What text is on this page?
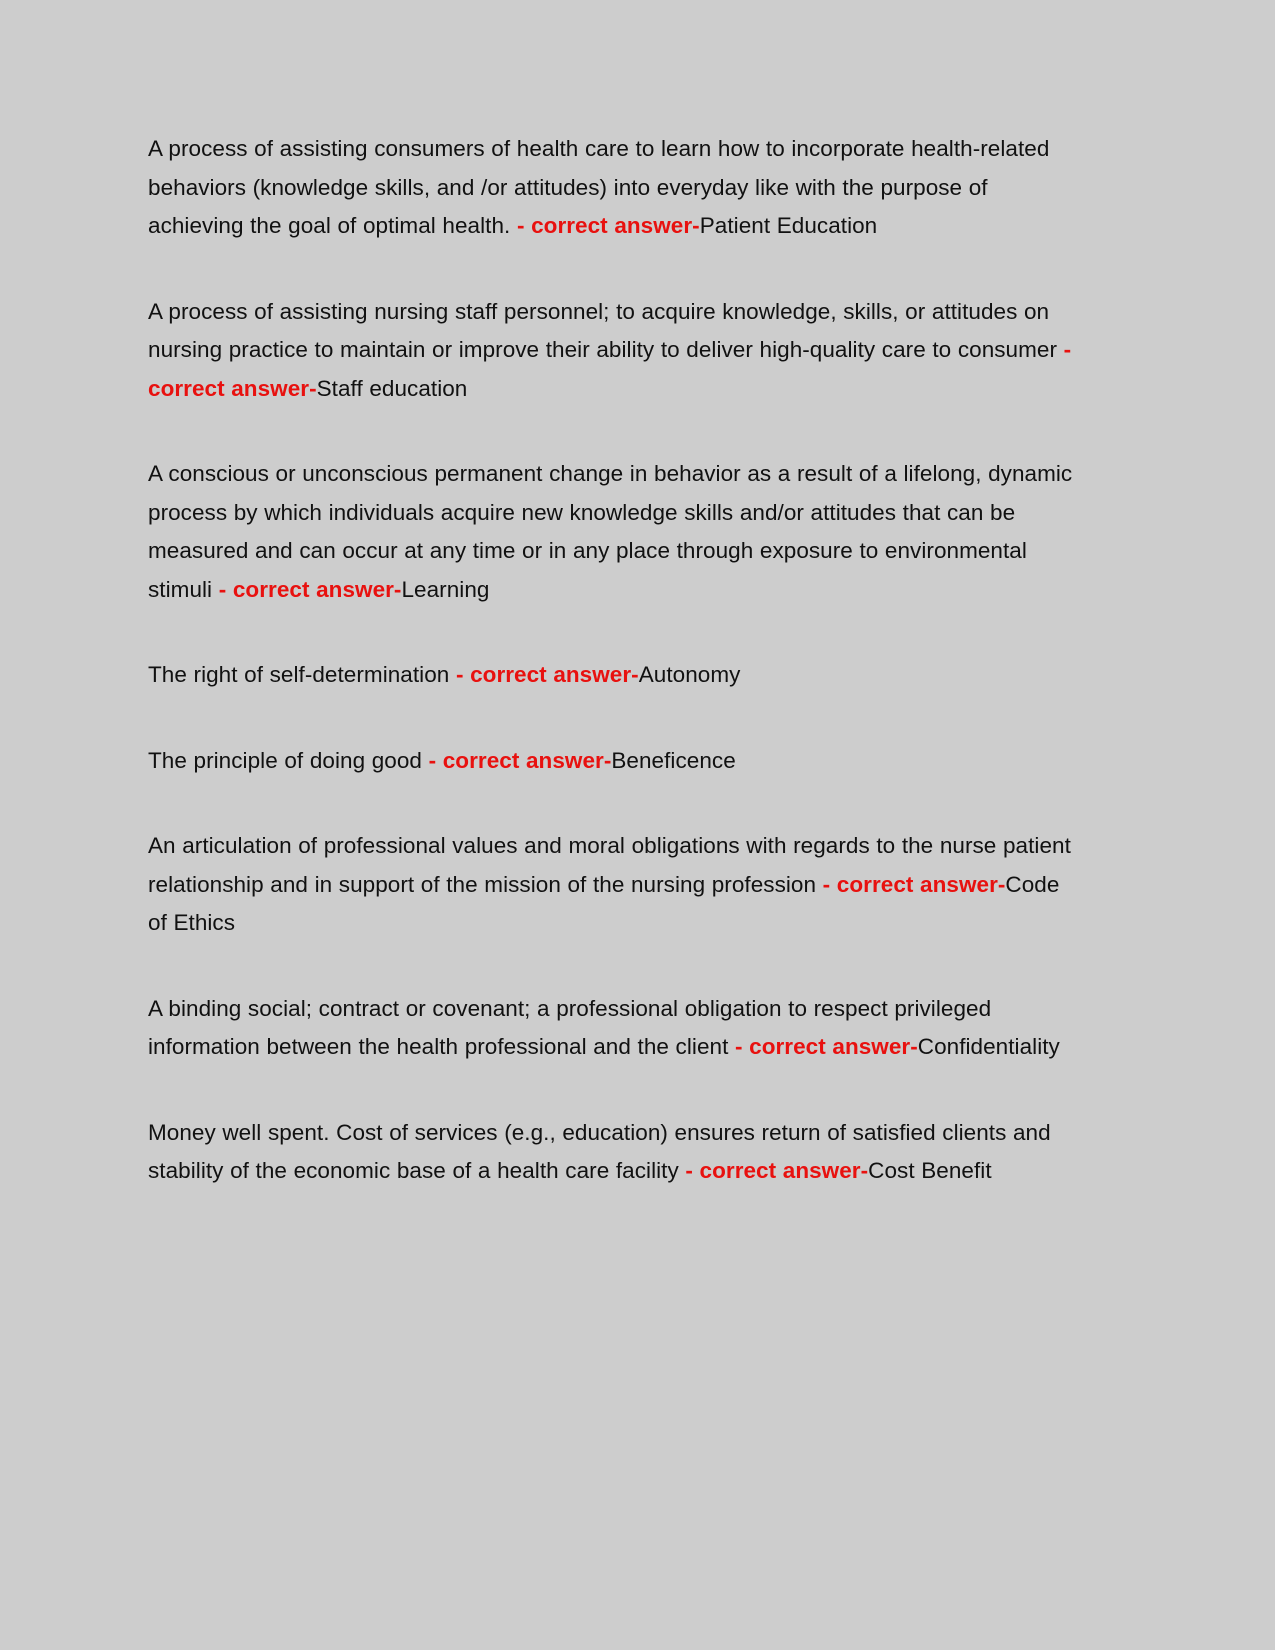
A process of assisting consumers of health care to learn how to incorporate health-related behaviors (knowledge skills, and /or attitudes) into everyday like with the purpose of achieving the goal of optimal health. - correct answer-Patient Education

A process of assisting nursing staff personnel; to acquire knowledge, skills, or attitudes on nursing practice to maintain or improve their ability to deliver high-quality care to consumer - correct answer-Staff education

A conscious or unconscious permanent change in behavior as a result of a lifelong, dynamic process by which individuals acquire new knowledge skills and/or attitudes that can be measured and can occur at any time or in any place through exposure to environmental stimuli - correct answer-Learning

The right of self-determination - correct answer-Autonomy

The principle of doing good - correct answer-Beneficence

An articulation of professional values and moral obligations with regards to the nurse patient relationship and in support of the mission of the nursing profession - correct answer-Code of Ethics

A binding social; contract or covenant; a professional obligation to respect privileged information between the health professional and the client - correct answer-Confidentiality

Money well spent. Cost of services (e.g., education) ensures return of satisfied clients and stability of the economic base of a health care facility - correct answer-Cost Benefit
